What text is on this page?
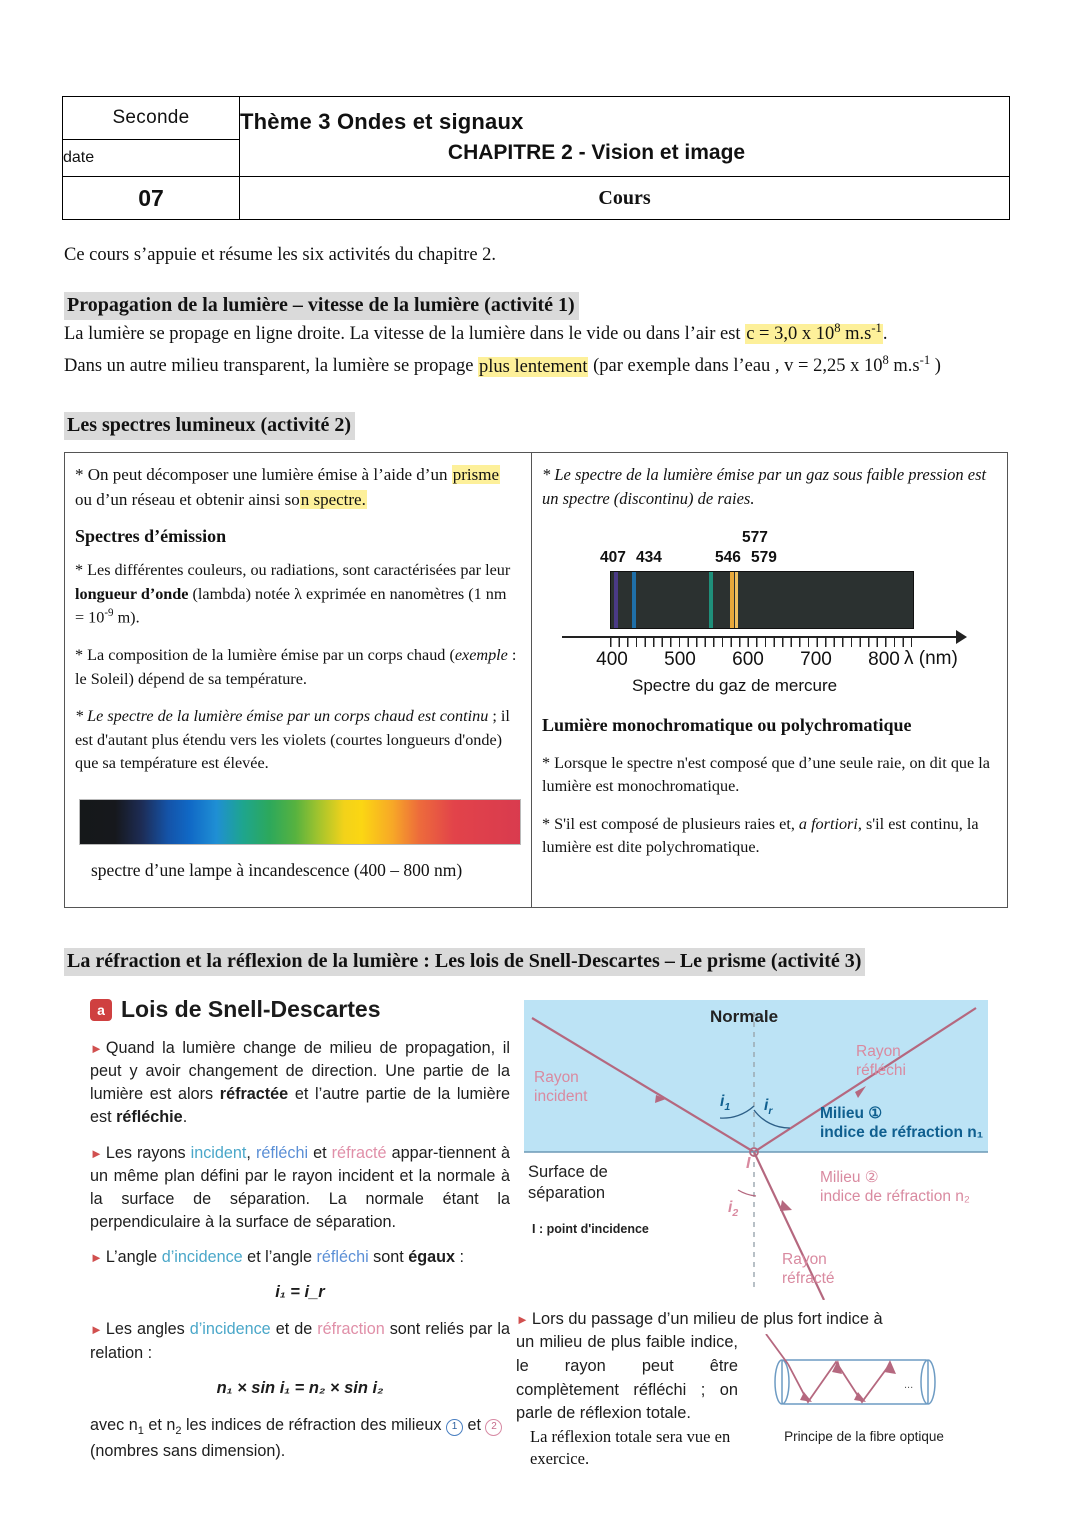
Seconde	Thème 3 Ondes et signaux
CHAPITRE 2 - Vision et image

date	
07	Cours
Ce cours s’appuie et résume les six activités du chapitre 2.
Propagation de la lumière – vitesse de la lumière (activité 1)
La lumière se propage en ligne droite. La vitesse de la lumière dans le vide ou dans l’air est c = 3,0 x $10^8$ $m.s^{-1}$.
Dans un autre milieu transparent, la lumière se propage plus lentement (par exemple dans l’eau , v = 2,25 x $10^8$ $m.s^{-1}$ )
Les spectres lumineux (activité 2)

* On peut décomposer une lumière émise à l’aide d’un prisme ou d’un réseau et obtenir ainsi son spectre.

Spectres d’émission

* Les différentes couleurs, ou radiations, sont caractérisées par leur longueur d’onde (lambda) notée λ exprimée en nanomètres (1 nm = $10^{-9}$ m).

* La composition de la lumière émise par un corps chaud (exemple : le Soleil) dépend de sa température.

* Le spectre de la lumière émise par un corps chaud est continu ; il est d'autant plus étendu vers les violets (courtes longueurs d'onde) que sa température est élevée.

spectre d’une lampe à incandescence (400 – 800 nm)

* Le spectre de la lumière émise par un gaz sous faible pression est un spectre (discontinu) de raies.

407 434	546
577
579
400 500 600 700 800 λ (nm)
Spectre du gaz de mercure

Lumière monochromatique ou polychromatique

* Lorsque le spectre n'est composé que d’une seule raie, on dit que la lumière est monochromatique.

* S'il est composé de plusieurs raies et, a fortiori, s'il est continu, la lumière est dite polychromatique.

La réfraction et la réflexion de la lumière : Les lois de Snell-Descartes – Le prisme (activité 3)
a Lois de Snell-Descartes

► Quand la lumière change de milieu de propagation, il peut y avoir changement de direction. Une partie de la lumière est alors réfractée et l’autre partie de la lumière est réfléchie.

► Les rayons incident, réfléchi et réfracté appar-tiennent à un même plan défini par le rayon incident et la normale à la surface de séparation. La normale étant la perpendiculaire à la surface de séparation.

► L’angle d’incidence et l’angle réfléchi sont égaux :

i₁ = i_r

► Les angles d’incidence et de réfraction sont reliés par la relation :

n₁ × sin i₁ = n₂ × sin i₂

avec $n_1$ et $n_2$ les indices de réfraction des milieux 1 et 2 (nombres sans dimension).

Normale
Rayon
incident
Rayon
réfléchi
Rayon
réfracté
$i_1$ $i_r$
$i_2$
I
Milieu ①
indice de réfraction n₁
Milieu ②
indice de réfraction n₂
Surface de
séparation
I : point d'incidence

► Lors du passage d’un milieu de plus fort indice à

un milieu de plus faible indice, le rayon peut être complètement réfléchi ; on parle de réflexion totale.

La réflexion totale sera vue en exercice.
...
Principe de la fibre optique
